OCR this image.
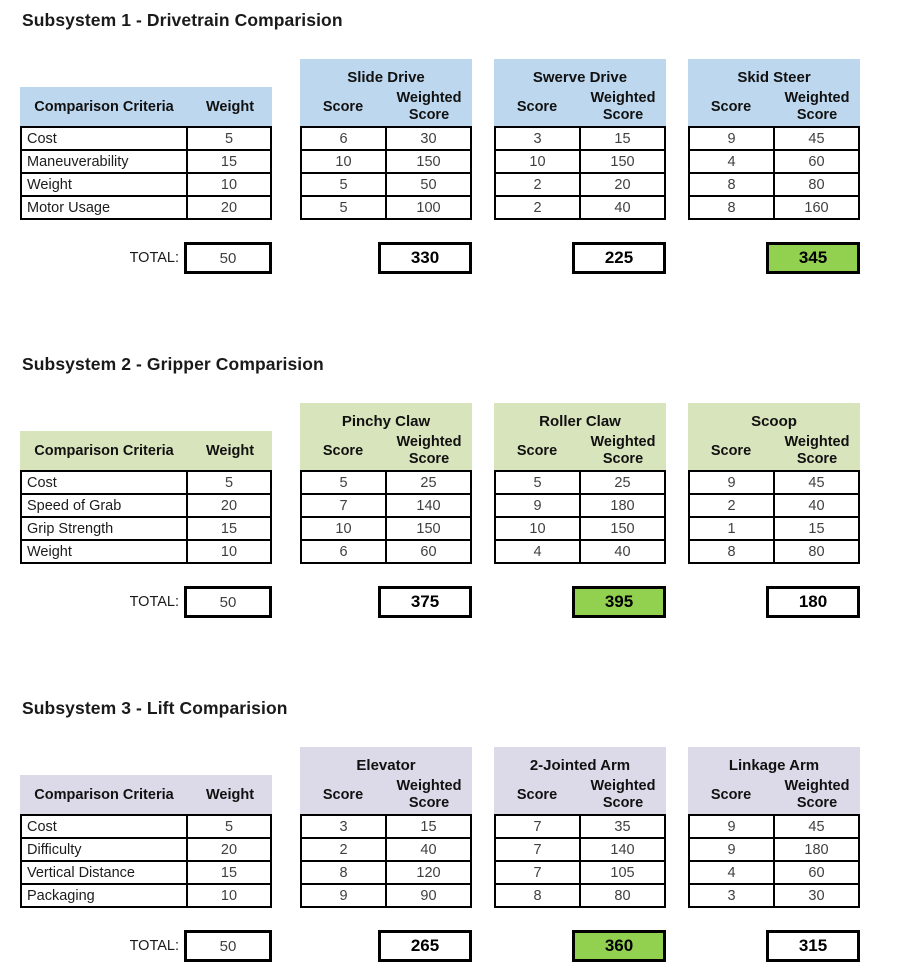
Subsystem 1 - Drivetrain Comparision
Comparison Criteria	Weight
Cost	5
Maneuverability	15
Weight	10
Motor Usage	20
TOTAL:	50
Slide Drive
Score
Weighted Score
6	30
10	150
5	50
5	100
330
Swerve Drive
Score
Weighted Score
3	15
10	150
2	20
2	40
225
Skid Steer
Score
Weighted Score
9	45
4	60
8	80
8	160
345
Subsystem 2 - Gripper Comparision
Comparison Criteria	Weight
Cost	5
Speed of Grab	20
Grip Strength	15
Weight	10
TOTAL:	50
Pinchy Claw
Score
Weighted Score
5	25
7	140
10	150
6	60
375
Roller Claw
Score
Weighted Score
5	25
9	180
10	150
4	40
395
Scoop
Score
Weighted Score
9	45
2	40
1	15
8	80
180
Subsystem 3 - Lift Comparision
Comparison Criteria	Weight
Cost	5
Difficulty	20
Vertical Distance	15
Packaging	10
TOTAL:	50
Elevator
Score
Weighted Score
3	15
2	40
8	120
9	90
265
2-Jointed Arm
Score
Weighted Score
7	35
7	140
7	105
8	80
360
Linkage Arm
Score
Weighted Score
9	45
9	180
4	60
3	30
315
